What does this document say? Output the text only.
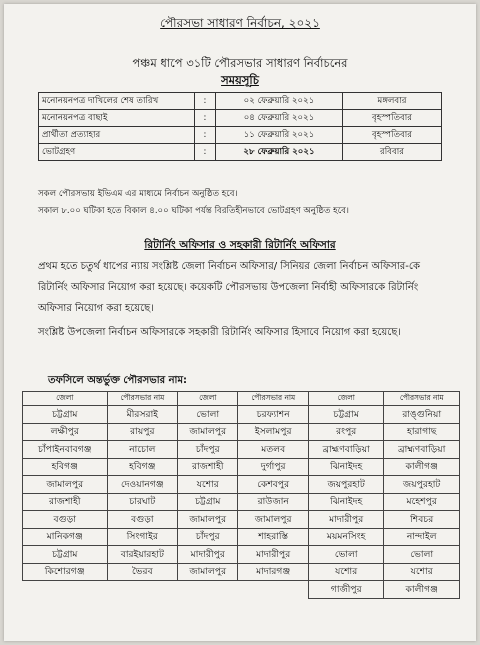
পৌরসভা সাধারণ নির্বাচন, ২০২১
পঞ্চম ধাপে ৩১টি পৌরসভার সাধারণ নির্বাচনের
সময়সূচি
মনোনয়নপত্র দাখিলের শেষ তারিখ	:	০২ ফেব্রুয়ারি ২০২১	মঙ্গলবার
মনোনয়নপত্র বাছাই	:	০৪ ফেব্রুয়ারি ২০২১	বৃহস্পতিবার
প্রার্থীতা প্রত্যাহার	:	১১ ফেব্রুয়ারি ২০২১	বৃহস্পতিবার
ভোটগ্রহণ	:	২৮ ফেব্রুয়ারি ২০২১	রবিবার
সকল পৌরসভায় ইভিএম এর মাধ্যমে নির্বাচন অনুষ্ঠিত হবে।
সকাল ৮.০০ ঘটিকা হতে বিকাল ৪.০০ ঘটিকা পর্যন্ত বিরতিহীনভাবে ভোটগ্রহণ অনুষ্ঠিত হবে।
রিটার্নিং অফিসার ও সহকারী রিটার্নিং অফিসার
প্রথম হতে চতুর্থ ধাপের ন্যায় সংশ্লিষ্ট জেলা নির্বাচন অফিসার/ সিনিয়র জেলা নির্বাচন অফিসার-কে রিটার্নিং অফিসার নিয়োগ করা হয়েছে। কয়েকটি পৌরসভায় উপজেলা নির্বাহী অফিসারকে রিটার্নিং অফিসার নিয়োগ করা হয়েছে।
সংশ্লিষ্ট উপজেলা নির্বাচন অফিসারকে সহকারী রিটার্নিং অফিসার হিসাবে নিয়োগ করা হয়েছে।
তফসিলে অন্তর্ভুক্ত পৌরসভার নাম:
জেলা	পৌরসভার নাম	জেলা	পৌরসভার নাম	জেলা	পৌরসভার নাম
চট্টগ্রাম	মীরসরাই	ভোলা	চরফ্যাশন	চট্টগ্রাম	রাঙ্গুনিয়া
লক্ষীপুর	রায়পুর	জামালপুর	ইসলামপুর	রংপুর	হারাগাছ
চাঁপাইনবাবগঞ্জ	নাচোল	চাঁদপুর	মতলব	ব্রাহ্মণবাড়িয়া	ব্রাহ্মণবাড়িয়া
হবিগঞ্জ	হবিগঞ্জ	রাজশাহী	দুর্গাপুর	ঝিনাইদহ	কালীগঞ্জ
জামালপুর	দেওয়ানগঞ্জ	যশোর	কেশবপুর	জয়পুরহাট	জয়পুরহাট
রাজশাহী	চারঘাট	চট্টগ্রাম	রাউজান	ঝিনাইদহ	মহেশপুর
বগুড়া	বগুড়া	জামালপুর	জামালপুর	মাদারীপুর	শিবচর
মানিকগঞ্জ	সিংগাইর	চাঁদপুর	শাহরাস্তি	ময়মনসিংহ	নান্দাইল
চট্টগ্রাম	বারইয়ারহাট	মাদারীপুর	মাদারীপুর	ভোলা	ভোলা
কিশোরগঞ্জ	ভৈরব	জামালপুর	মাদারগঞ্জ	যশোর	যশোর
				গাজীপুর	কালীগঞ্জ
